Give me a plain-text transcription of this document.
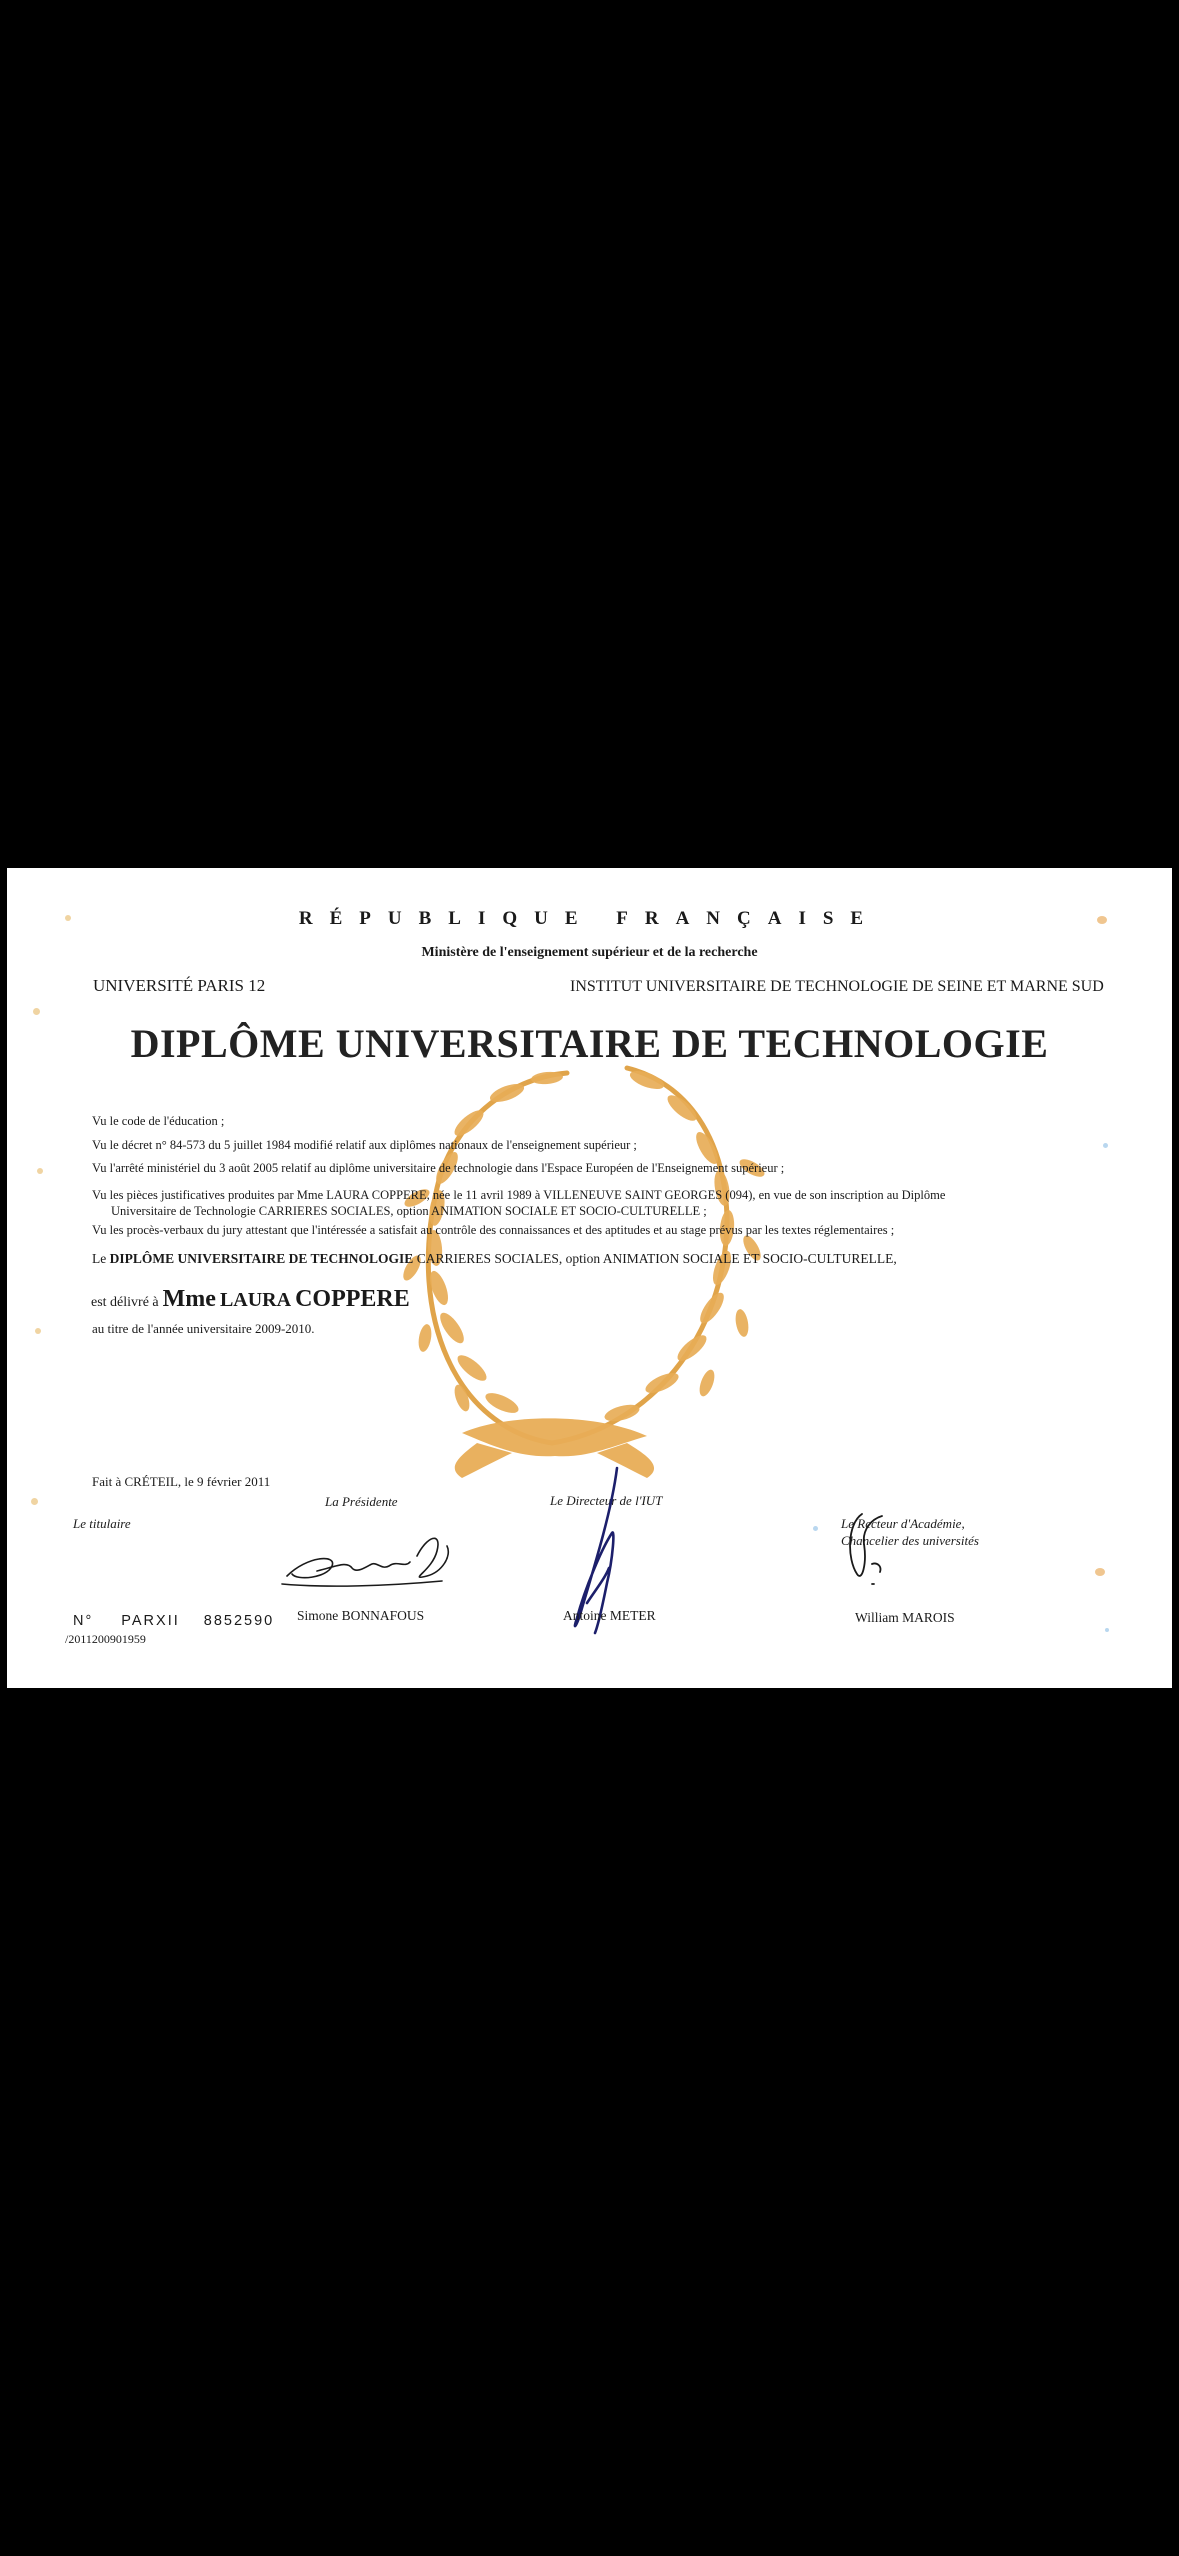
RÉPUBLIQUE FRANÇAISE
Ministère de l'enseignement supérieur et de la recherche
UNIVERSITÉ PARIS 12	INSTITUT UNIVERSITAIRE DE TECHNOLOGIE DE SEINE ET MARNE SUD
DIPLÔME UNIVERSITAIRE DE TECHNOLOGIE
Vu le code de l'éducation ;
Vu le décret n° 84-573 du 5 juillet 1984 modifié relatif aux diplômes nationaux de l'enseignement supérieur ;
Vu l'arrêté ministériel du 3 août 2005 relatif au diplôme universitaire de technologie dans l'Espace Européen de l'Enseignement supérieur ;
Vu les pièces justificatives produites par Mme LAURA COPPERE, née le 11 avril 1989 à VILLENEUVE SAINT GEORGES (094), en vue de son inscription au Diplôme
Universitaire de Technologie CARRIERES SOCIALES, option ANIMATION SOCIALE ET SOCIO-CULTURELLE ;
Vu les procès-verbaux du jury attestant que l'intéressée a satisfait au contrôle des connaissances et des aptitudes et au stage prévus par les textes réglementaires ;
Le DIPLÔME UNIVERSITAIRE DE TECHNOLOGIE CARRIERES SOCIALES, option ANIMATION SOCIALE ET SOCIO-CULTURELLE,
est délivré à Mme LAURA COPPERE
au titre de l'année universitaire 2009-2010.
Fait à CRÉTEIL, le 9 février 2011
Le titulaire
La Présidente	Le Directeur de l'IUT
Le Recteur d'Académie,
Chancelier des universités
Simone BONNAFOUS	Antoine METER	William MAROIS
N° PARXII 8852590
/2011200901959
